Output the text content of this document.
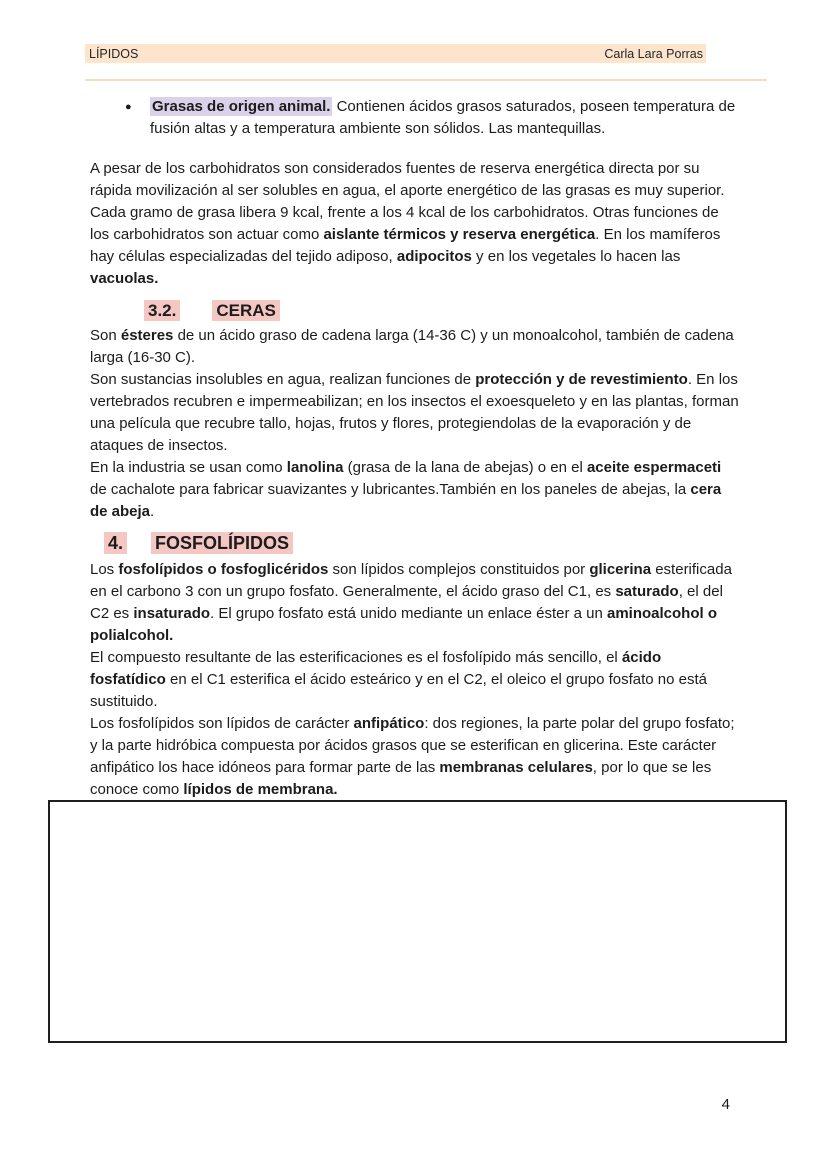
LÍPIDOS	Carla Lara Porras
●	Grasas de origen animal. Contienen ácidos grasos saturados, poseen temperatura de fusión altas y a temperatura ambiente son sólidos. Las mantequillas.
A pesar de los carbohidratos son considerados fuentes de reserva energética directa por su rápida movilización al ser solubles en agua, el aporte energético de las grasas es muy superior. Cada gramo de grasa libera 9 kcal, frente a los 4 kcal de los carbohidratos. Otras funciones de los carbohidratos son actuar como aislante térmicos y reserva energética. En los mamíferos hay células especializadas del tejido adiposo, adipocitos y en los vegetales lo hacen las vacuolas.
3.2. CERAS
Son ésteres de un ácido graso de cadena larga (14-36 C) y un monoalcohol, también de cadena larga (16-30 C).
Son sustancias insolubles en agua, realizan funciones de protección y de revestimiento. En los vertebrados recubren e impermeabilizan; en los insectos el exoesqueleto y en las plantas, forman una película que recubre tallo, hojas, frutos y flores, protegiendolas de la evaporación y de ataques de insectos.
En la industria se usan como lanolina (grasa de la lana de abejas) o en el aceite espermaceti de cachalote para fabricar suavizantes y lubricantes.También en los paneles de abejas, la cera de abeja.
4. FOSFOLÍPIDOS
Los fosfolípidos o fosfoglicéridos son lípidos complejos constituidos por glicerina esterificada en el carbono 3 con un grupo fosfato. Generalmente, el ácido graso del C1, es saturado, el del C2 es insaturado. El grupo fosfato está unido mediante un enlace éster a un aminoalcohol o polialcohol.
El compuesto resultante de las esterificaciones es el fosfolípido más sencillo, el ácido fosfatídico en el C1 esterifica el ácido esteárico y en el C2, el oleico el grupo fosfato no está sustituido.
Los fosfolípidos son lípidos de carácter anfipático: dos regiones, la parte polar del grupo fosfato; y la parte hidróbica compuesta por ácidos grasos que se esterifican en glicerina. Este carácter anfipático los hace idóneos para formar parte de las membranas celulares, por lo que se les conoce como lípidos de membrana.
4
